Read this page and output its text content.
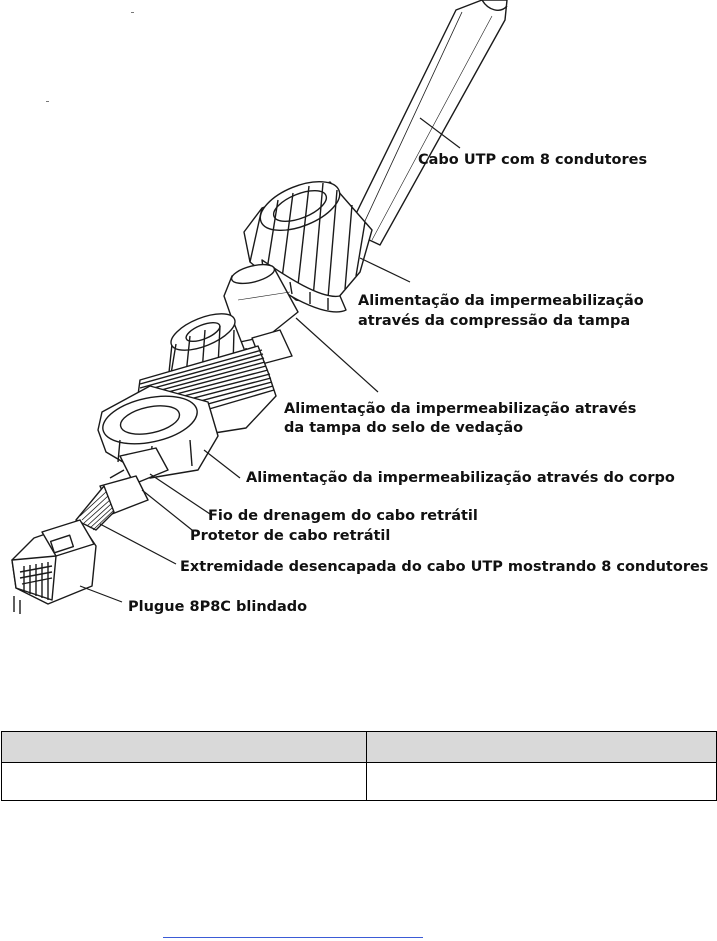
Cabo UTP com 8 condutores
Alimentação da impermeabilização
através da compressão da tampa
Alimentação da impermeabilização através
da tampa do selo de vedação
Alimentação da impermeabilização através do corpo
Fio de drenagem do cabo retrátil
Protetor de cabo retrátil
Extremidade desencapada do cabo UTP mostrando 8 condutores
Plugue 8P8C blindado
